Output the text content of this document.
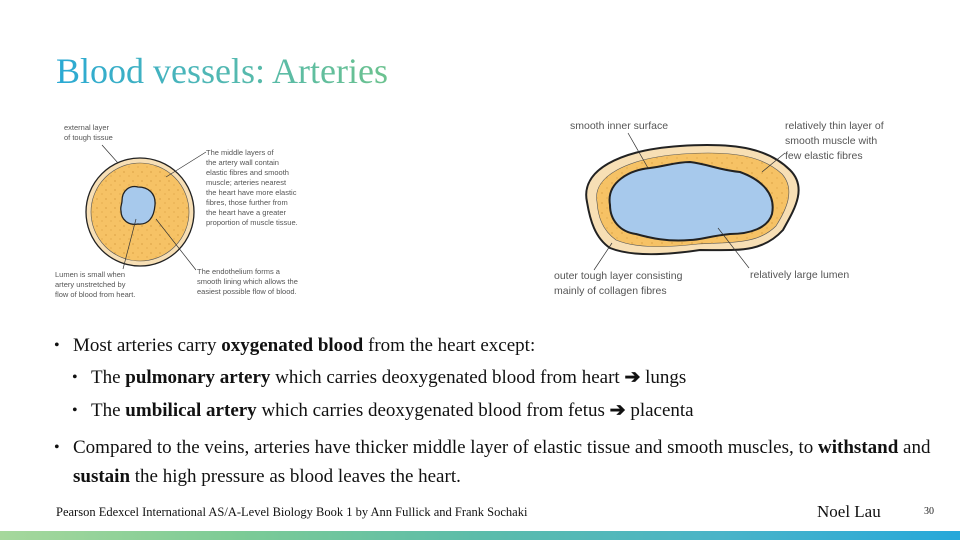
Blood vessels: Arteries
external layer
of tough tissue
The middle layers of
the artery wall contain
elastic fibres and smooth
muscle; arteries nearest
the heart have more elastic
fibres, those further from
the heart have a greater
proportion of muscle tissue.
Lumen is small when
artery unstretched by
flow of blood from heart.
The endothelium forms a
smooth lining which allows the
easiest possible flow of blood.
smooth inner surface	relatively thin layer of
smooth muscle with
few elastic fibres
outer tough layer consisting
mainly of collagen fibres
relatively large lumen
• Most arteries carry oxygenated blood from the heart except:
• The pulmonary artery which carries deoxygenated blood from heart ➔ lungs
• The umbilical artery which carries deoxygenated blood from fetus ➔ placenta
• Compared to the veins, arteries have thicker middle layer of elastic tissue and smooth muscles, to withstand and sustain the high pressure as blood leaves the heart.
Pearson Edexcel International AS/A-Level Biology Book 1 by Ann Fullick and Frank Sochaki	Noel Lau	30
